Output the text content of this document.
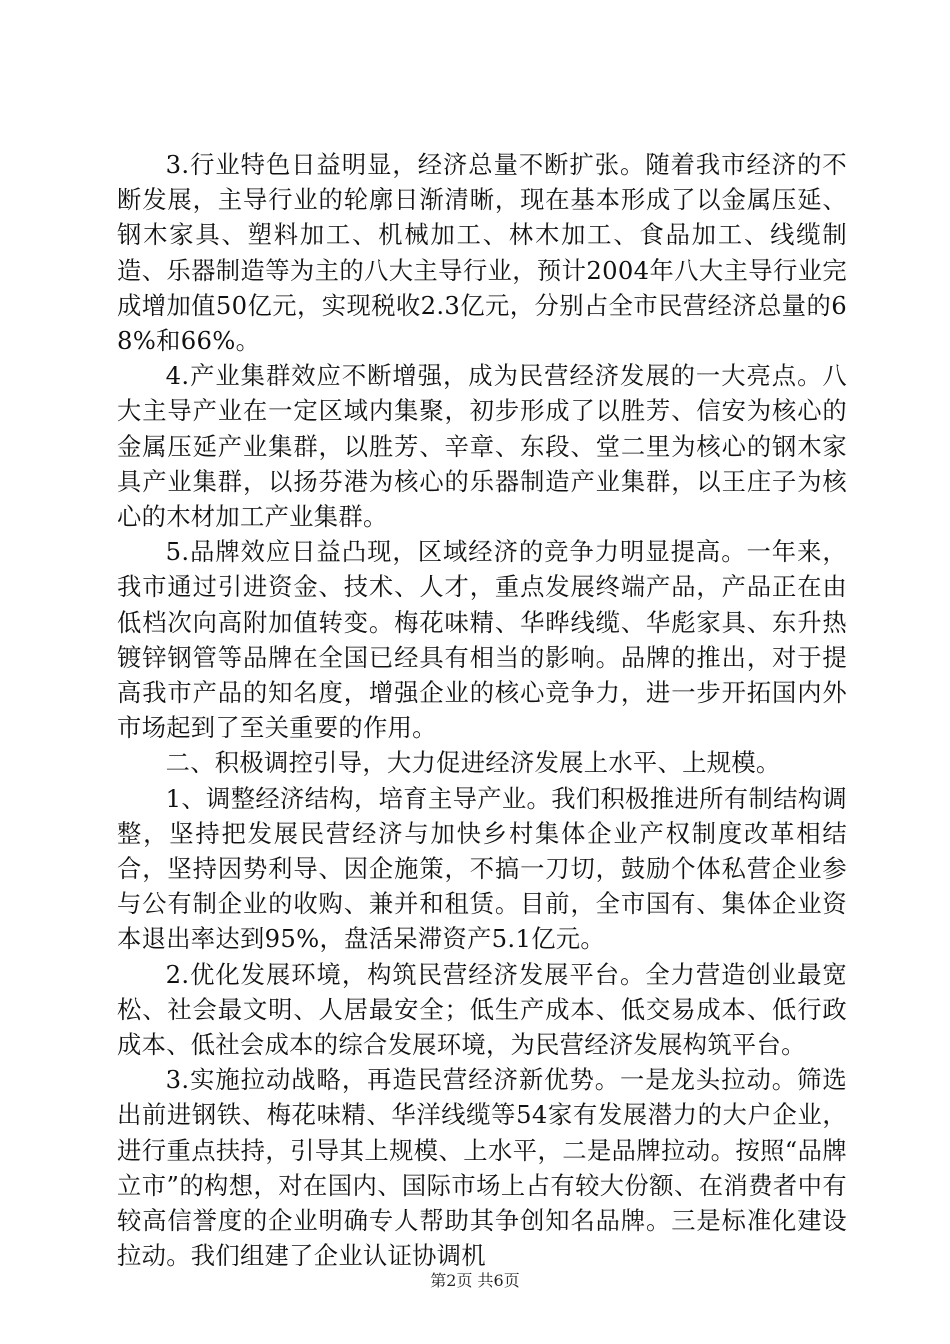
3.行业特色日益明显，经济总量不断扩张。随着我市经济的不断发展，主导行业的轮廓日渐清晰，现在基本形成了以金属压延、钢木家具、塑料加工、机械加工、林木加工、食品加工、线缆制造、乐器制造等为主的八大主导行业，预计2004年八大主导行业完成增加值50亿元，实现税收2.3亿元，分别占全市民营经济总量的68%和66%。

4.产业集群效应不断增强，成为民营经济发展的一大亮点。八大主导产业在一定区域内集聚，初步形成了以胜芳、信安为核心的金属压延产业集群，以胜芳、辛章、东段、堂二里为核心的钢木家具产业集群，以扬芬港为核心的乐器制造产业集群，以王庄子为核心的木材加工产业集群。

5.品牌效应日益凸现，区域经济的竞争力明显提高。一年来，我市通过引进资金、技术、人才，重点发展终端产品，产品正在由低档次向高附加值转变。梅花味精、华晔线缆、华彪家具、东升热镀锌钢管等品牌在全国已经具有相当的影响。品牌的推出，对于提高我市产品的知名度，增强企业的核心竞争力，进一步开拓国内外市场起到了至关重要的作用。

二、积极调控引导，大力促进经济发展上水平、上规模。

1、调整经济结构，培育主导产业。我们积极推进所有制结构调整，坚持把发展民营经济与加快乡村集体企业产权制度改革相结合，坚持因势利导、因企施策，不搞一刀切，鼓励个体私营企业参与公有制企业的收购、兼并和租赁。目前，全市国有、集体企业资本退出率达到95%，盘活呆滞资产5.1亿元。

2.优化发展环境，构筑民营经济发展平台。全力营造创业最宽松、社会最文明、人居最安全；低生产成本、低交易成本、低行政成本、低社会成本的综合发展环境，为民营经济发展构筑平台。

3.实施拉动战略，再造民营经济新优势。一是龙头拉动。筛选出前进钢铁、梅花味精、华洋线缆等54家有发展潜力的大户企业，进行重点扶持，引导其上规模、上水平，二是品牌拉动。按照“品牌立市”的构想，对在国内、国际市场上占有较大份额、在消费者中有较高信誉度的企业明确专人帮助其争创知名品牌。三是标准化建设拉动。我们组建了企业认证协调机

第2页 共6页
